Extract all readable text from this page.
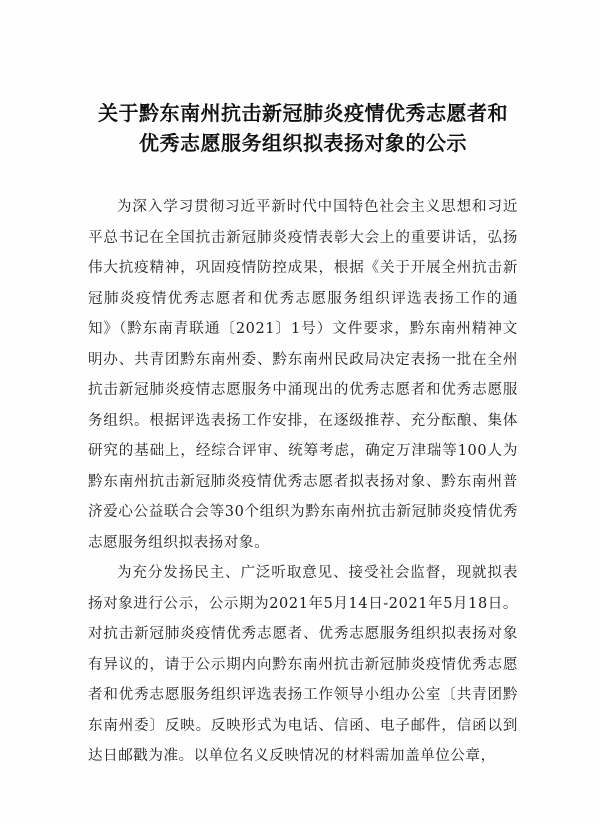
关于黔东南州抗击新冠肺炎疫情优秀志愿者和
优秀志愿服务组织拟表扬对象的公示

为深入学习贯彻习近平新时代中国特色社会主义思想和习近平总书记在全国抗击新冠肺炎疫情表彰大会上的重要讲话，弘扬伟大抗疫精神，巩固疫情防控成果，根据《关于开展全州抗击新冠肺炎疫情优秀志愿者和优秀志愿服务组织评选表扬工作的通知》（黔东南青联通〔2021〕1号）文件要求，黔东南州精神文明办、共青团黔东南州委、黔东南州民政局决定表扬一批在全州抗击新冠肺炎疫情志愿服务中涌现出的优秀志愿者和优秀志愿服务组织。根据评选表扬工作安排，在逐级推荐、充分酝酿、集体研究的基础上，经综合评审、统筹考虑，确定万津瑞等100人为黔东南州抗击新冠肺炎疫情优秀志愿者拟表扬对象、黔东南州普济爱心公益联合会等30个组织为黔东南州抗击新冠肺炎疫情优秀志愿服务组织拟表扬对象。

为充分发扬民主、广泛听取意见、接受社会监督，现就拟表扬对象进行公示，公示期为2021年5月14日-2021年5月18日。对抗击新冠肺炎疫情优秀志愿者、优秀志愿服务组织拟表扬对象有异议的，请于公示期内向黔东南州抗击新冠肺炎疫情优秀志愿者和优秀志愿服务组织评选表扬工作领导小组办公室〔共青团黔东南州委〕反映。反映形式为电话、信函、电子邮件，信函以到达日邮戳为准。以单位名义反映情况的材料需加盖单位公章，
